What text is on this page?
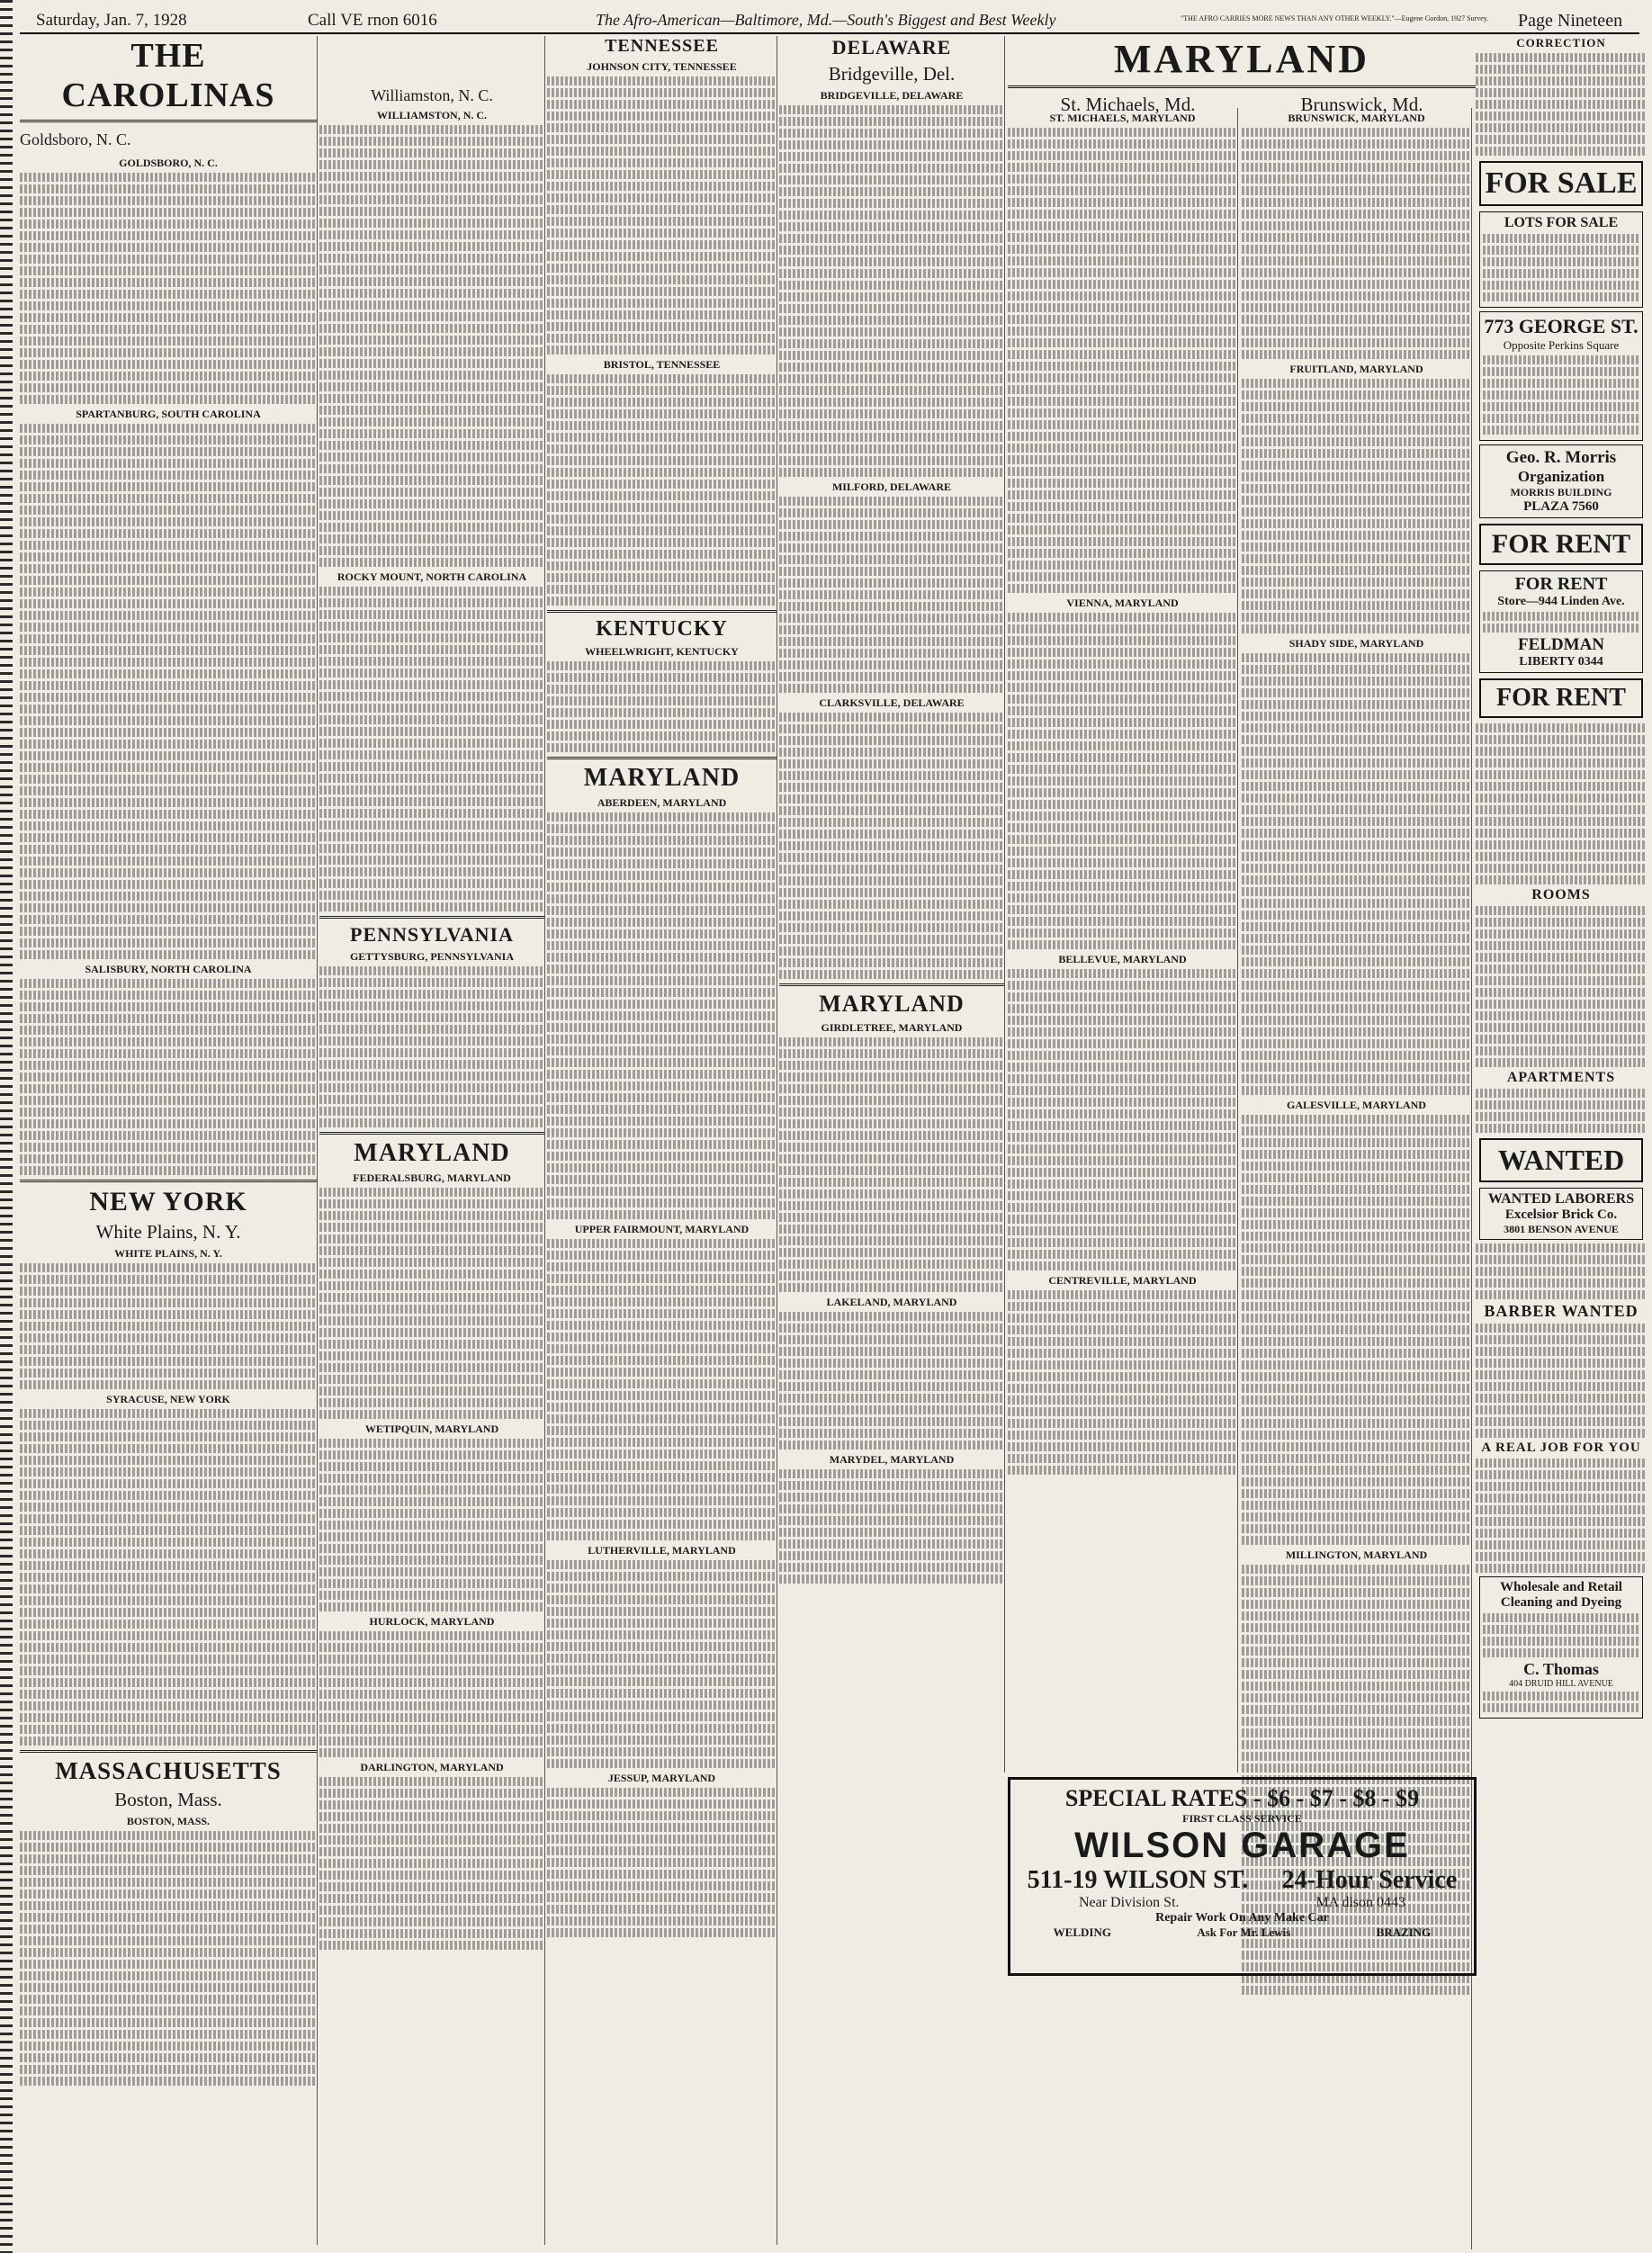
Saturday, Jan. 7, 1928	Call VE rnon 6016	The Afro-American—Baltimore, Md.—South's Biggest and Best Weekly	"THE AFRO CARRIES MORE NEWS THAN ANY OTHER WEEKLY."—Eugene Gordon, 1927 Survey. Page Nineteen
THE CAROLINAS
Goldsboro, N. C.
GOLDSBORO, N. C.
SPARTANBURG, SOUTH CAROLINA
SALISBURY, NORTH CAROLINA
NEW YORK
White Plains, N. Y.
WHITE PLAINS, N. Y.
SYRACUSE, NEW YORK
MASSACHUSETTS
Boston, Mass.
BOSTON, MASS.
Williamston, N. C.
WILLIAMSTON, N. C.
ROCKY MOUNT, NORTH CAROLINA
PENNSYLVANIA
GETTYSBURG, PENNSYLVANIA
MARYLAND
FEDERALSBURG, MARYLAND
WETIPQUIN, MARYLAND
HURLOCK, MARYLAND
DARLINGTON, MARYLAND
TENNESSEE
JOHNSON CITY, TENNESSEE
BRISTOL, TENNESSEE
KENTUCKY
WHEELWRIGHT, KENTUCKY
MARYLAND
ABERDEEN, MARYLAND
UPPER FAIRMOUNT, MARYLAND
LUTHERVILLE, MARYLAND
JESSUP, MARYLAND
DELAWARE
Bridgeville, Del.
BRIDGEVILLE, DELAWARE
MILFORD, DELAWARE
CLARKSVILLE, DELAWARE
MARYLAND
GIRDLETREE, MARYLAND
LAKELAND, MARYLAND
MARYDEL, MARYLAND
MARYLAND
St. Michaels, Md.	Brunswick, Md.
ST. MICHAELS, MARYLAND
VIENNA, MARYLAND
BELLEVUE, MARYLAND
CENTREVILLE, MARYLAND
BRUNSWICK, MARYLAND
FRUITLAND, MARYLAND
SHADY SIDE, MARYLAND
GALESVILLE, MARYLAND
MILLINGTON, MARYLAND
SPECIAL RATES - $6 - $7 - $8 - $9
FIRST CLASS SERVICE
WILSON GARAGE
511-19 WILSON ST. 24-Hour Service
Near Division St.	MA dison 0443
Repair Work On Any Make Car
WELDING	Ask For Mr. Lewis	BRAZING
CORRECTION
FOR SALE
LOTS FOR SALE
773 GEORGE ST.
Opposite Perkins Square
Geo. R. Morris
Organization
MORRIS BUILDING
PLAZA 7560
FOR RENT
FOR RENT
Store—944 Linden Ave.
FELDMAN
LIBERTY 0344
FOR RENT
ROOMS
APARTMENTS
WANTED
WANTED LABORERS
Excelsior Brick Co.
3801 BENSON AVENUE
BARBER WANTED
A REAL JOB FOR YOU
Wholesale and Retail Cleaning and Dyeing
C. Thomas
404 DRUID HILL AVENUE
